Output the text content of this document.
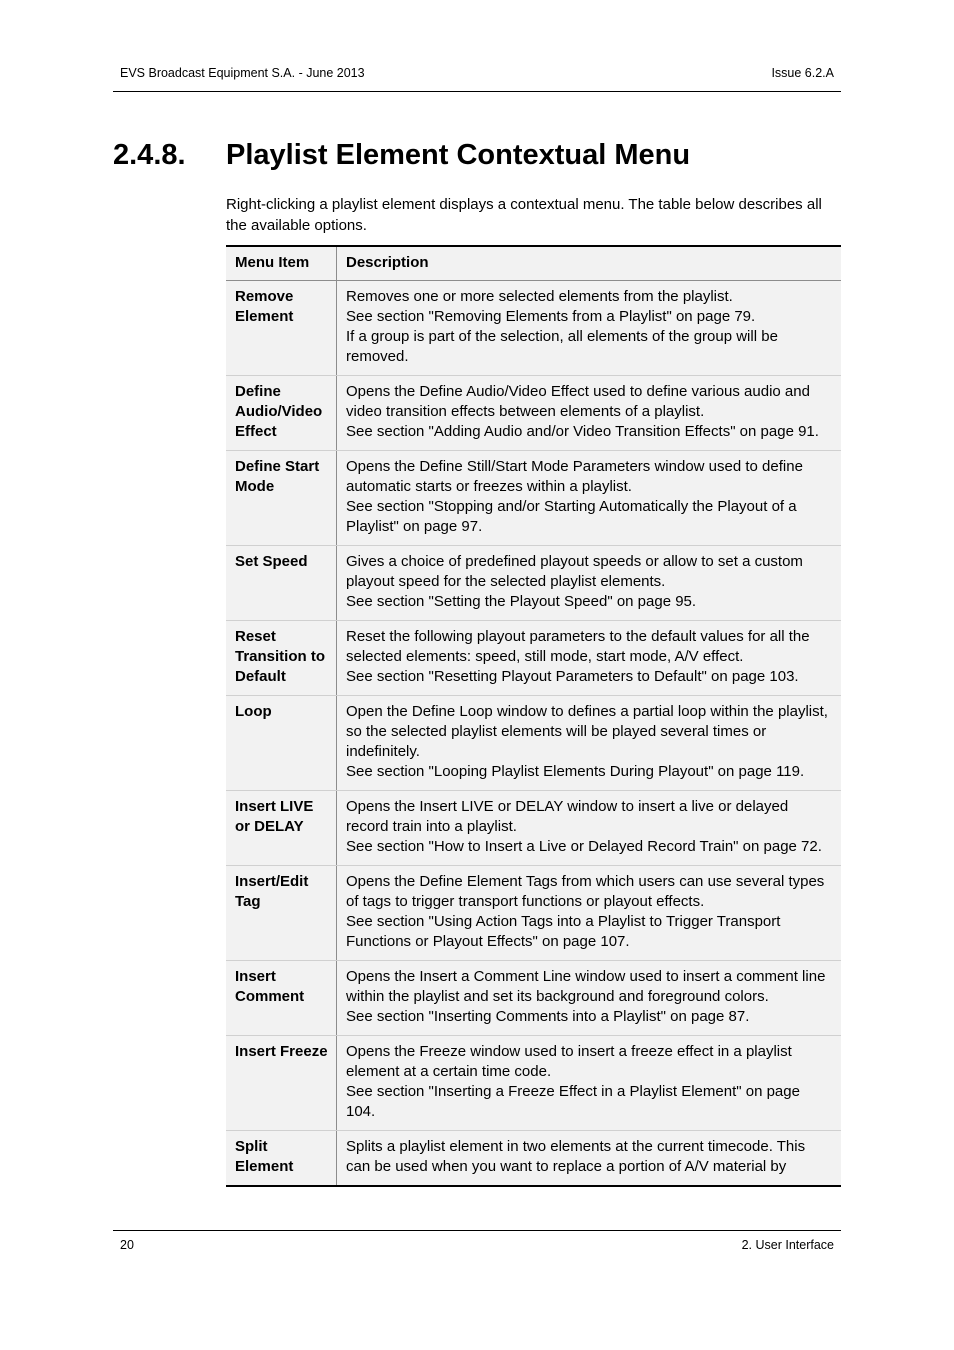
EVS Broadcast Equipment S.A. - June 2013	Issue 6.2.A
2.4.8. Playlist Element Contextual Menu
Right-clicking a playlist element displays a contextual menu. The table below describes all the available options.
Menu Item	Description
Remove Element	Removes one or more selected elements from the playlist.
See section "Removing Elements from a Playlist" on page 79.
If a group is part of the selection, all elements of the group will be removed.

Define Audio/Video Effect	Opens the Define Audio/Video Effect used to define various audio and video transition effects between elements of a playlist.
See section "Adding Audio and/or Video Transition Effects" on page 91.

Define Start Mode	Opens the Define Still/Start Mode Parameters window used to define automatic starts or freezes within a playlist.
See section "Stopping and/or Starting Automatically the Playout of a Playlist" on page 97.

Set Speed	Gives a choice of predefined playout speeds or allow to set a custom playout speed for the selected playlist elements.
See section "Setting the Playout Speed" on page 95.

Reset Transition to Default	Reset the following playout parameters to the default values for all the selected elements: speed, still mode, start mode, A/V effect.
See section "Resetting Playout Parameters to Default" on page 103.

Loop	Open the Define Loop window to defines a partial loop within the playlist, so the selected playlist elements will be played several times or indefinitely.
See section "Looping Playlist Elements During Playout" on page 119.

Insert LIVE or DELAY	Opens the Insert LIVE or DELAY window to insert a live or delayed record train into a playlist.
See section "How to Insert a Live or Delayed Record Train" on page 72.

Insert/Edit Tag	Opens the Define Element Tags from which users can use several types of tags to trigger transport functions or playout effects.
See section "Using Action Tags into a Playlist to Trigger Transport Functions or Playout Effects" on page 107.

Insert Comment	Opens the Insert a Comment Line window used to insert a comment line within the playlist and set its background and foreground colors.
See section "Inserting Comments into a Playlist" on page 87.

Insert Freeze	Opens the Freeze window used to insert a freeze effect in a playlist element at a certain time code.
See section "Inserting a Freeze Effect in a Playlist Element" on page 104.

Split Element	Splits a playlist element in two elements at the current timecode. This can be used when you want to replace a portion of A/V material by
20	2. User Interface
